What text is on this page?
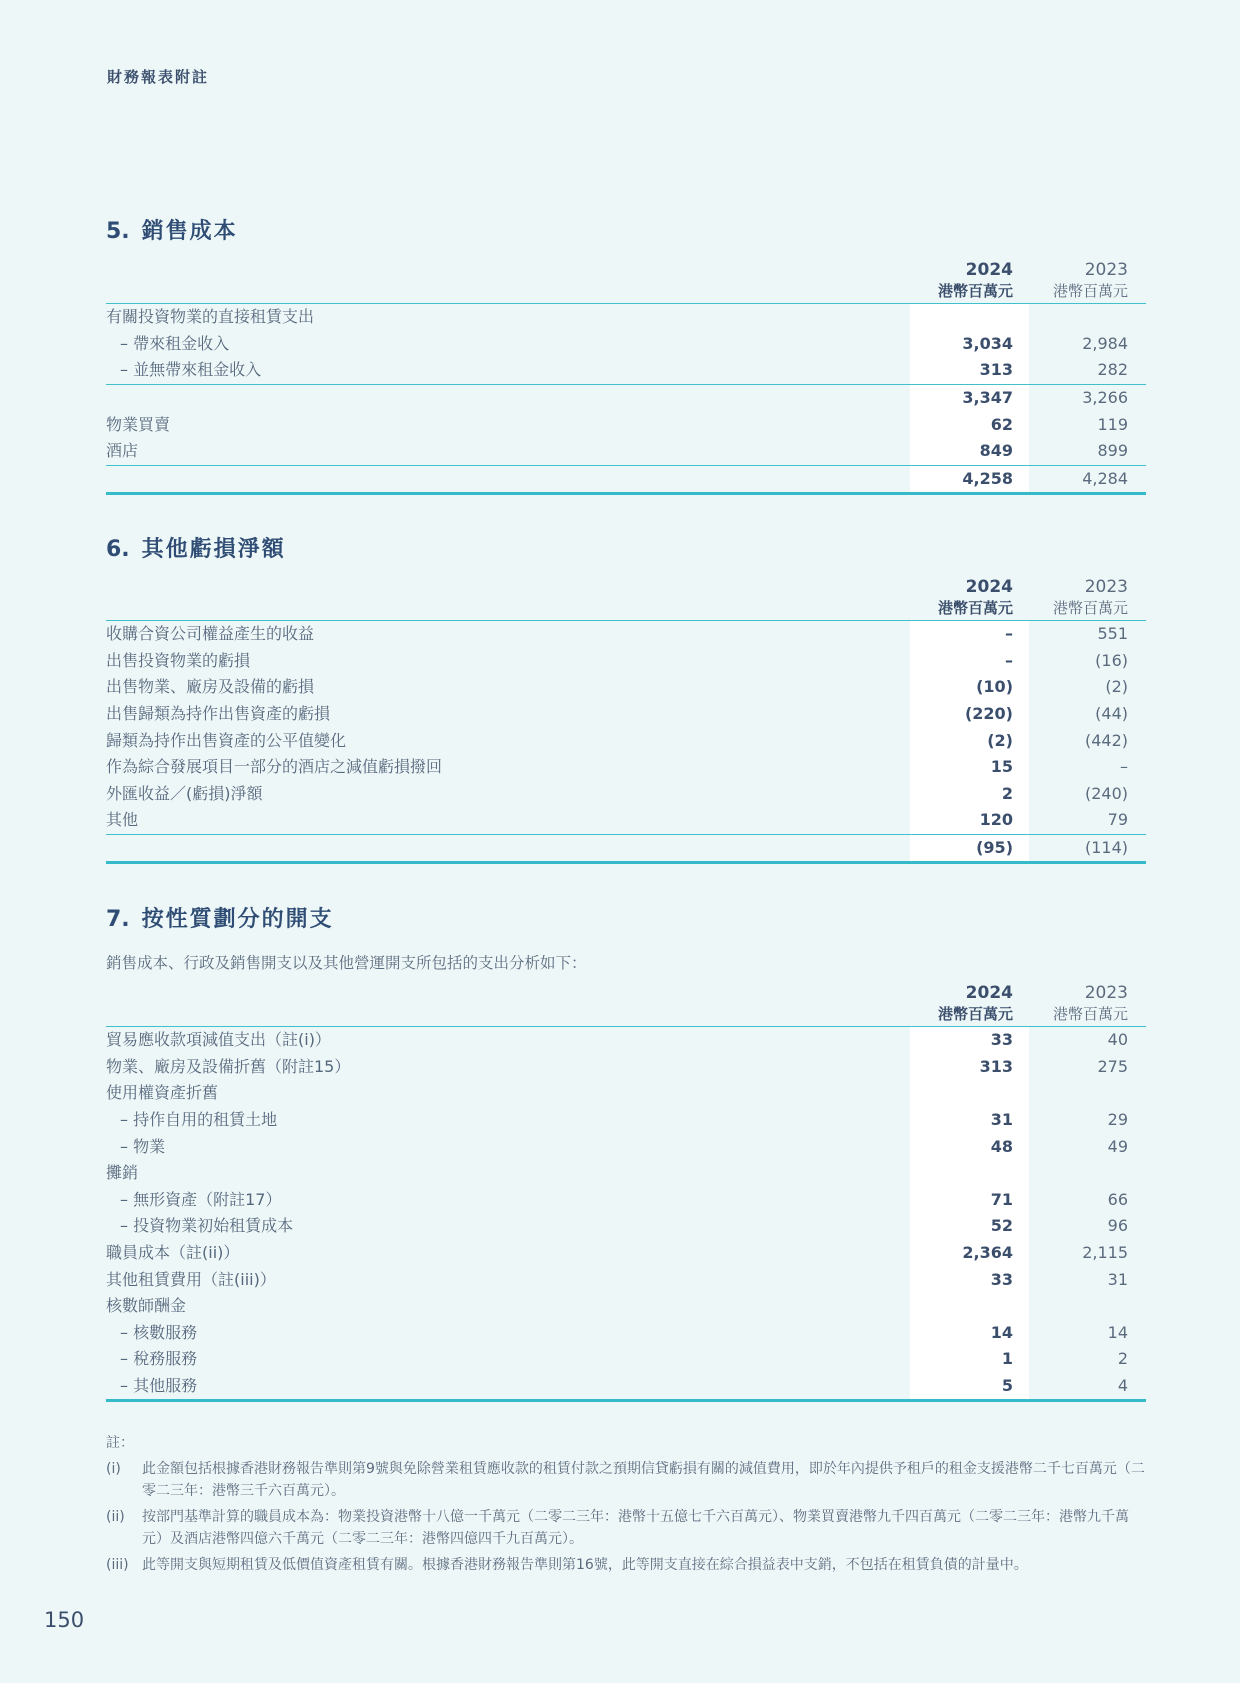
財務報表附註
5. 銷售成本
	2024	2023
	港幣百萬元	港幣百萬元
有關投資物業的直接租賃支出		
– 帶來租金收入	3,034	2,984
– 並無帶來租金收入	313	282
	3,347	3,266
物業買賣	62	119
酒店	849	899
	4,258	4,284
6. 其他虧損淨額
	2024	2023
	港幣百萬元	港幣百萬元
收購合資公司權益產生的收益	–	551
出售投資物業的虧損	–	(16)
出售物業、廠房及設備的虧損	(10)	(2)
出售歸類為持作出售資產的虧損	(220)	(44)
歸類為持作出售資產的公平值變化	(2)	(442)
作為綜合發展項目一部分的酒店之減值虧損撥回	15	–
外匯收益／(虧損)淨額	2	(240)
其他	120	79
	(95)	(114)
7. 按性質劃分的開支

銷售成本、行政及銷售開支以及其他營運開支所包括的支出分析如下：

	2024	2023
	港幣百萬元	港幣百萬元
貿易應收款項減值支出（註(i)）	33	40
物業、廠房及設備折舊（附註15）	313	275
使用權資產折舊		
– 持作自用的租賃土地	31	29
– 物業	48	49
攤銷		
– 無形資產（附註17）	71	66
– 投資物業初始租賃成本	52	96
職員成本（註(ii)）	2,364	2,115
其他租賃費用（註(iii)）	33	31
核數師酬金		
– 核數服務	14	14
– 稅務服務	1	2
– 其他服務	5	4
註：
(i)	此金額包括根據香港財務報告準則第9號與免除營業租賃應收款的租賃付款之預期信貸虧損有關的減值費用，即於年內提供予租戶的租金支援港幣二千七百萬元（二零二三年：港幣三千六百萬元）。
(ii)	按部門基準計算的職員成本為：物業投資港幣十八億一千萬元（二零二三年：港幣十五億七千六百萬元）、物業買賣港幣九千四百萬元（二零二三年：港幣九千萬元）及酒店港幣四億六千萬元（二零二三年：港幣四億四千九百萬元）。
(iii) 此等開支與短期租賃及低價值資產租賃有關。根據香港財務報告準則第16號，此等開支直接在綜合損益表中支銷，不包括在租賃負債的計量中。
150
